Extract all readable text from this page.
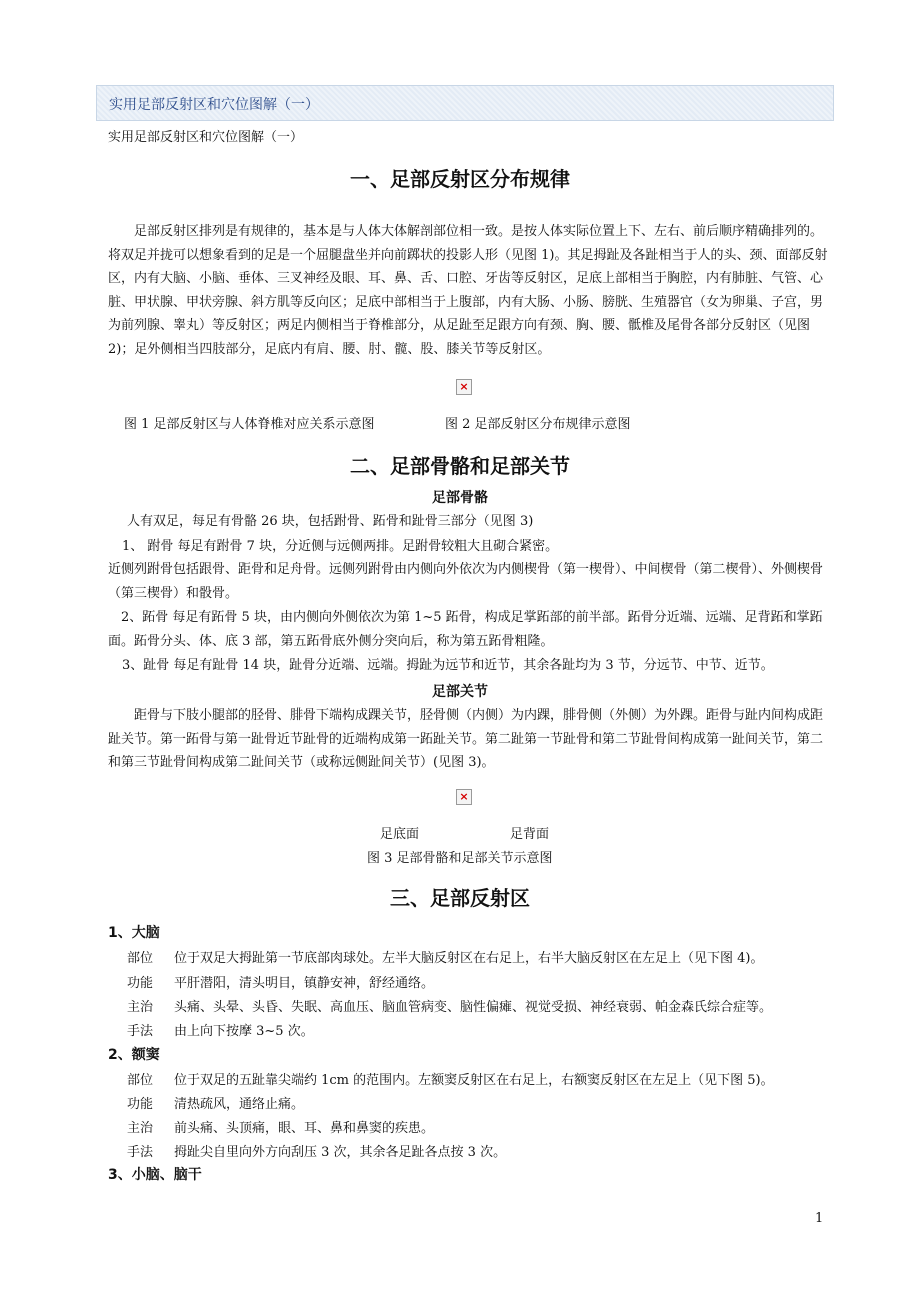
实用足部反射区和穴位图解（一）
实用足部反射区和穴位图解（一）
一、足部反射区分布规律
足部反射区排列是有规律的，基本是与人体大体解剖部位相一致。是按人体实际位置上下、左右、前后顺序精确排列的。将双足并拢可以想象看到的足是一个屈腿盘坐并向前踯状的投影人形（见图 1)。其足拇趾及各趾相当于人的头、颈、面部反射区，内有大脑、小脑、垂体、三叉神经及眼、耳、鼻、舌、口腔、牙齿等反射区，足底上部相当于胸腔，内有肺脏、气管、心脏、甲状腺、甲状旁腺、斜方肌等反向区；足底中部相当于上腹部，内有大肠、小肠、膀胱、生殖器官（女为卵巢、子宫，男为前列腺、睾丸）等反射区；两足内侧相当于脊椎部分，从足趾至足跟方向有颈、胸、腰、骶椎及尾骨各部分反射区（见图 2)；足外侧相当四肢部分，足底内有肩、腰、肘、髋、股、膝关节等反射区。
×
图 1 足部反射区与人体脊椎对应关系示意图	图 2 足部反射区分布规律示意图
二、足部骨骼和足部关节
足部骨骼
人有双足，每足有骨骼 26 块，包括跗骨、跖骨和趾骨三部分（见图 3)
1、 跗骨 每足有跗骨 7 块，分近侧与远侧两排。足跗骨较粗大且砌合紧密。
近侧列跗骨包括跟骨、距骨和足舟骨。远侧列跗骨由内侧向外依次为内侧楔骨（第一楔骨）、中间楔骨（第二楔骨）、外侧楔骨（第三楔骨）和骰骨。
2、跖骨 每足有跖骨 5 块，由内侧向外侧依次为第 1~5 跖骨，构成足掌跖部的前半部。跖骨分近端、远端、足背跖和掌跖面。跖骨分头、体、底 3 部，第五跖骨底外侧分突向后，称为第五跖骨粗隆。
3、趾骨 每足有趾骨 14 块，趾骨分近端、远端。拇趾为远节和近节，其余各趾均为 3 节，分远节、中节、近节。
足部关节
距骨与下肢小腿部的胫骨、腓骨下端构成踝关节，胫骨侧（内侧）为内踝，腓骨侧（外侧）为外踝。距骨与趾内间构成距趾关节。第一跖骨与第一趾骨近节趾骨的近端构成第一跖趾关节。第二趾第一节趾骨和第二节趾骨间构成第一趾间关节，第二和第三节趾骨间构成第二趾间关节（或称远侧趾间关节）(见图 3)。
×
足底面	足背面
图 3 足部骨骼和足部关节示意图
三、足部反射区
1、大脑
部位 位于双足大拇趾第一节底部肉球处。左半大脑反射区在右足上，右半大脑反射区在左足上（见下图 4)。
功能 平肝潜阳，清头明目，镇静安神，舒经通络。
主治 头痛、头晕、头昏、失眠、高血压、脑血管病变、脑性偏瘫、视觉受损、神经衰弱、帕金森氏综合症等。
手法 由上向下按摩 3~5 次。
2、额窦
部位 位于双足的五趾靠尖端约 1cm 的范围内。左额窦反射区在右足上，右额窦反射区在左足上（见下图 5)。
功能 清热疏风，通络止痛。
主治 前头痛、头顶痛，眼、耳、鼻和鼻窦的疾患。
手法 拇趾尖自里向外方向刮压 3 次，其余各足趾各点按 3 次。
3、小脑、脑干
1
